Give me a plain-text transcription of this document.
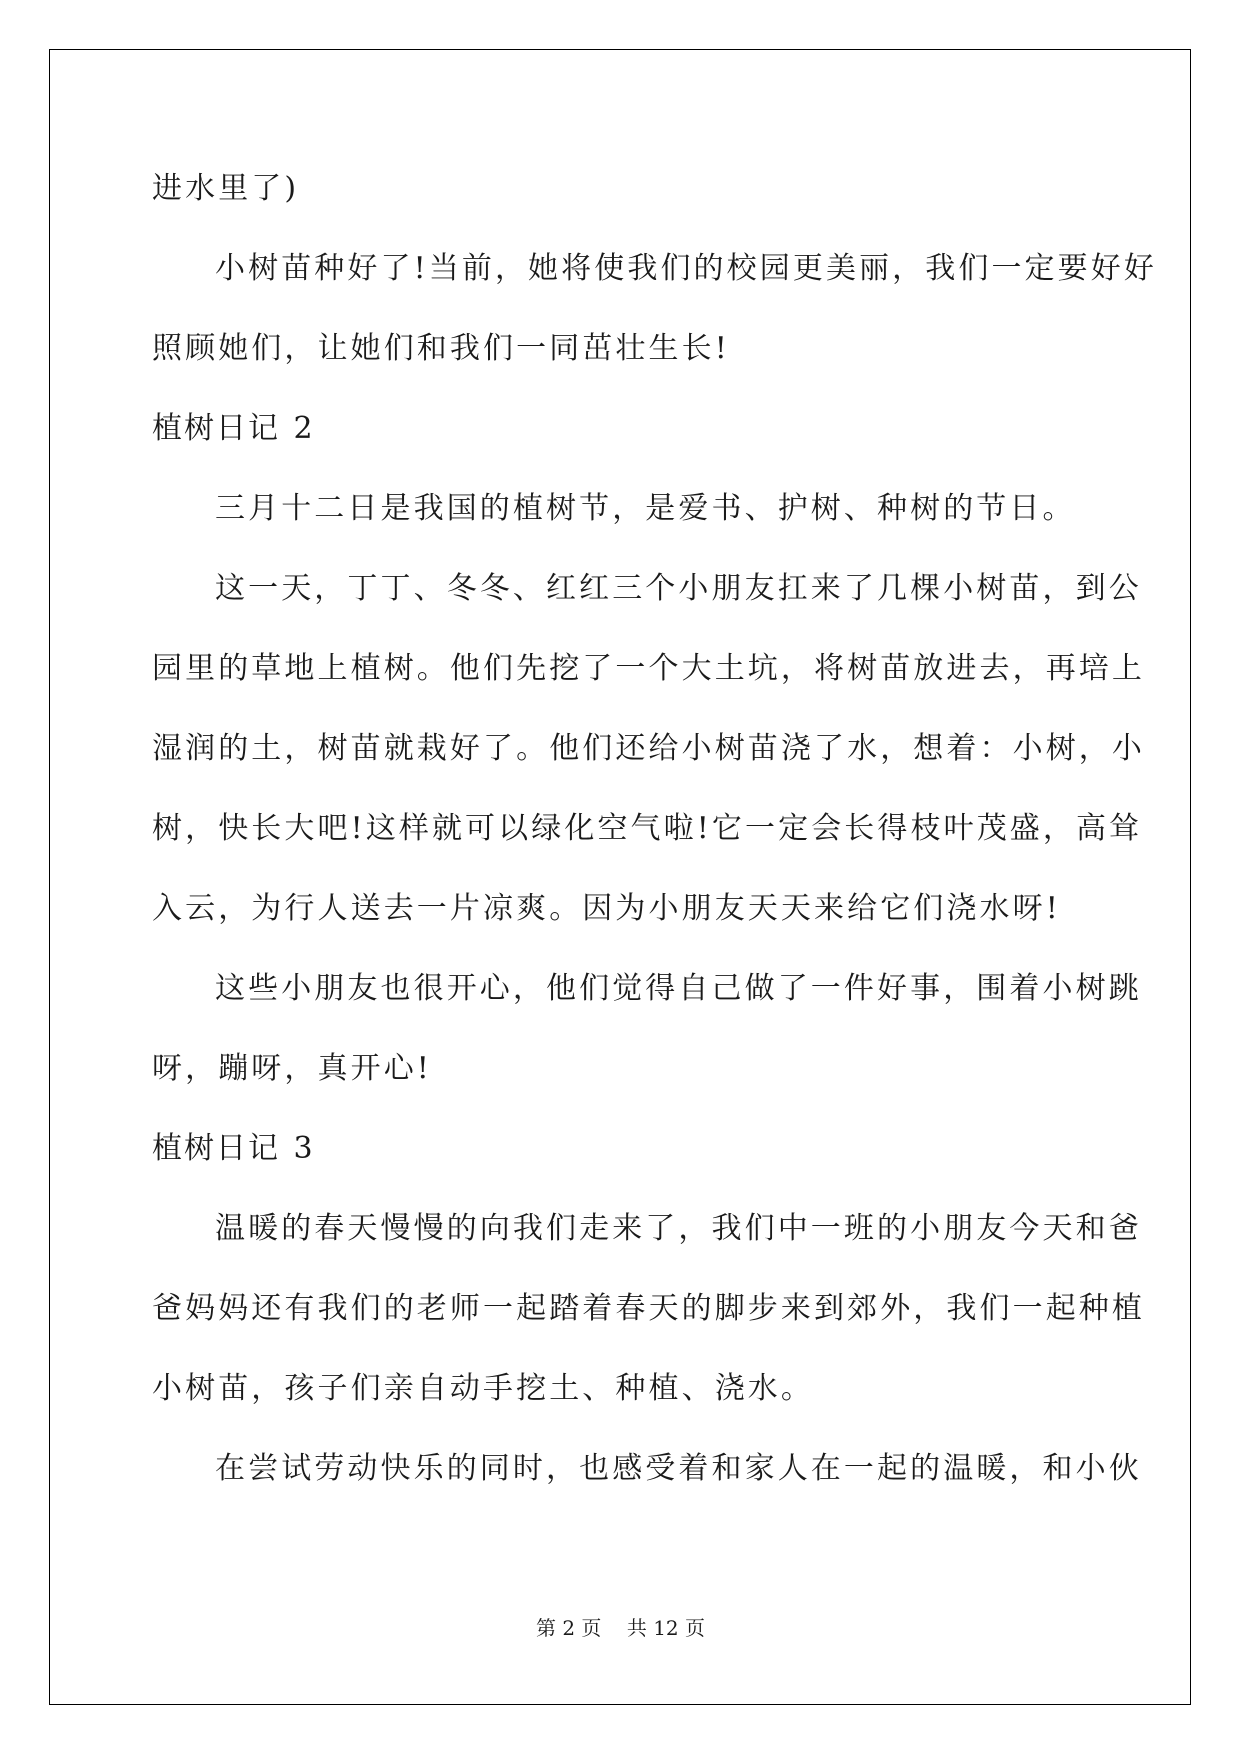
进水里了)
小树苗种好了!当前，她将使我们的校园更美丽，我们一定要好好
照顾她们，让她们和我们一同茁壮生长!
植树日记 2
三月十二日是我国的植树节，是爱书、护树、种树的节日。
这一天，丁丁、冬冬、红红三个小朋友扛来了几棵小树苗，到公
园里的草地上植树。他们先挖了一个大土坑，将树苗放进去，再培上
湿润的土，树苗就栽好了。他们还给小树苗浇了水，想着：小树，小
树，快长大吧!这样就可以绿化空气啦!它一定会长得枝叶茂盛，高耸
入云，为行人送去一片凉爽。因为小朋友天天来给它们浇水呀!
这些小朋友也很开心，他们觉得自己做了一件好事，围着小树跳
呀，蹦呀，真开心!
植树日记 3
温暖的春天慢慢的向我们走来了，我们中一班的小朋友今天和爸
爸妈妈还有我们的老师一起踏着春天的脚步来到郊外，我们一起种植
小树苗，孩子们亲自动手挖土、种植、浇水。
在尝试劳动快乐的同时，也感受着和家人在一起的温暖，和小伙
第 2 页    共 12 页
